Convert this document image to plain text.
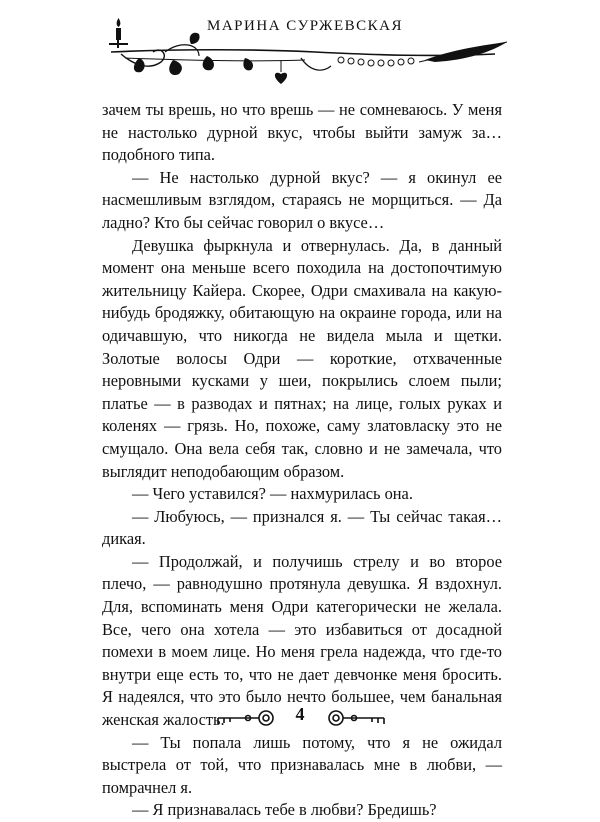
МАРИНА СУРЖЕВСКАЯ

зачем ты врешь, но что врешь — не сомневаюсь. У меня не настолько дурной вкус, чтобы выйти замуж за… подобного типа.

— Не настолько дурной вкус? — я окинул ее насмешливым взглядом, стараясь не морщиться. — Да ладно? Кто бы сейчас говорил о вкусе…

Девушка фыркнула и отвернулась. Да, в данный момент она меньше всего походила на достопочтимую жительницу Кайера. Скорее, Одри смахивала на какую-нибудь бродяжку, обитающую на окраине города, или на одичавшую, что никогда не видела мыла и щетки. Золотые волосы Одри — короткие, отхваченные неровными кусками у шеи, покрылись слоем пыли; платье — в разводах и пятнах; на лице, голых руках и коленях — грязь. Но, похоже, саму златовласку это не смущало. Она вела себя так, словно и не замечала, что выглядит неподобающим образом.

— Чего уставился? — нахмурилась она.

— Любуюсь, — признался я. — Ты сейчас такая… дикая.

— Продолжай, и получишь стрелу и во второе плечо, — равнодушно протянула девушка. Я вздохнул. Для, вспоминать меня Одри категорически не желала. Все, чего она хотела — это избавиться от досадной помехи в моем лице. Но меня грела надежда, что где-то внутри еще есть то, что не дает девчонке меня бросить. Я надеялся, что это было нечто большее, чем банальная женская жалость.

— Ты попала лишь потому, что я не ожидал выстрела от той, что признавалась мне в любви, — помрачнел я.

— Я признавалась тебе в любви? Бредишь?

4
